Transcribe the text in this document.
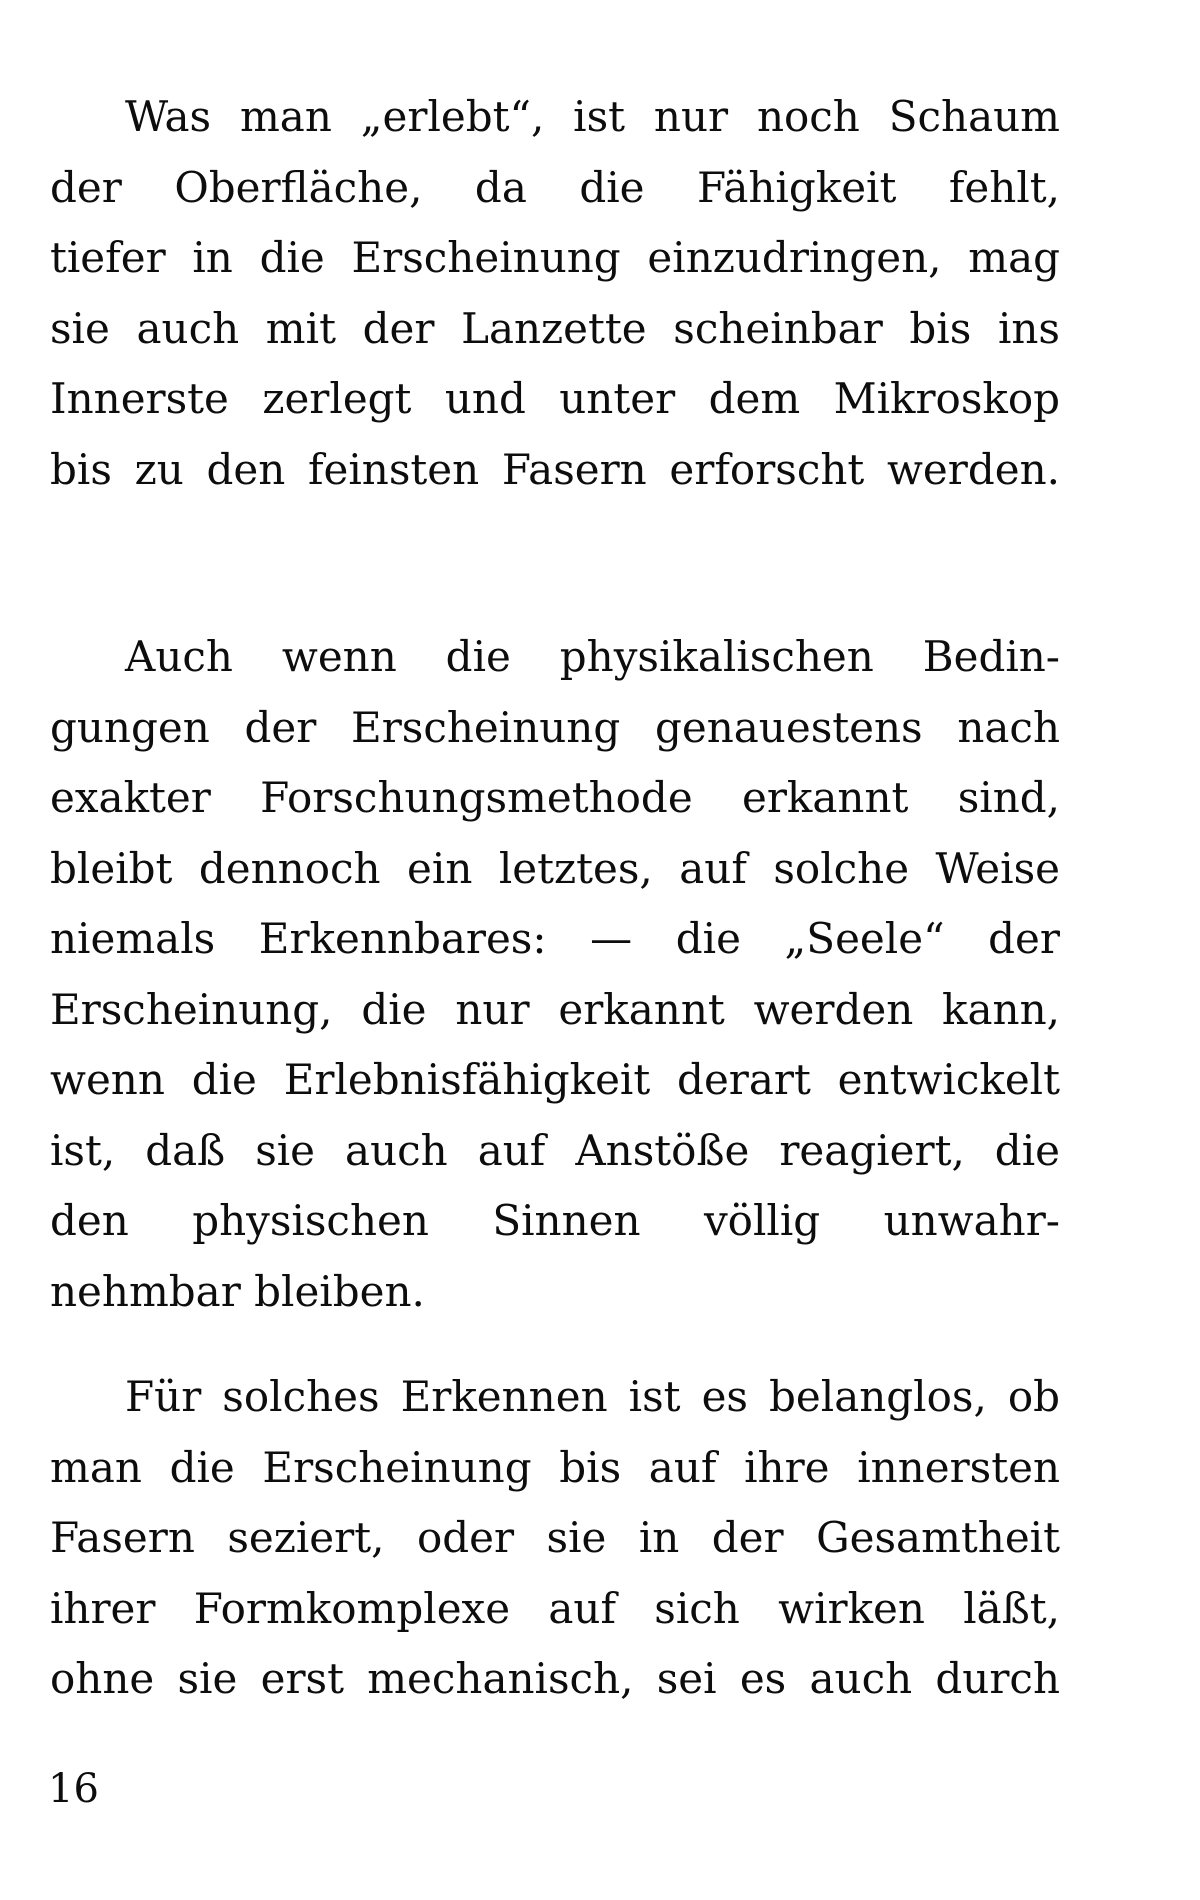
Was man „erlebt“, ist nur noch Schaum
der Oberfläche, da die Fähigkeit fehlt,
tiefer in die Erscheinung einzudringen, mag
sie auch mit der Lanzette scheinbar bis ins
Innerste zerlegt und unter dem Mikroskop
bis zu den feinsten Fasern erforscht werden.
Auch wenn die physikalischen Bedin-
gungen der Erscheinung genauestens nach
exakter Forschungsmethode erkannt sind,
bleibt dennoch ein letztes, auf solche Weise
niemals Erkennbares: — die „Seele“ der
Erscheinung, die nur erkannt werden kann,
wenn die Erlebnisfähigkeit derart entwickelt
ist, daß sie auch auf Anstöße reagiert, die
den physischen Sinnen völlig unwahr-
nehmbar bleiben.
Für solches Erkennen ist es belanglos, ob
man die Erscheinung bis auf ihre innersten
Fasern seziert, oder sie in der Gesamtheit
ihrer Formkomplexe auf sich wirken läßt,
ohne sie erst mechanisch, sei es auch durch
16
